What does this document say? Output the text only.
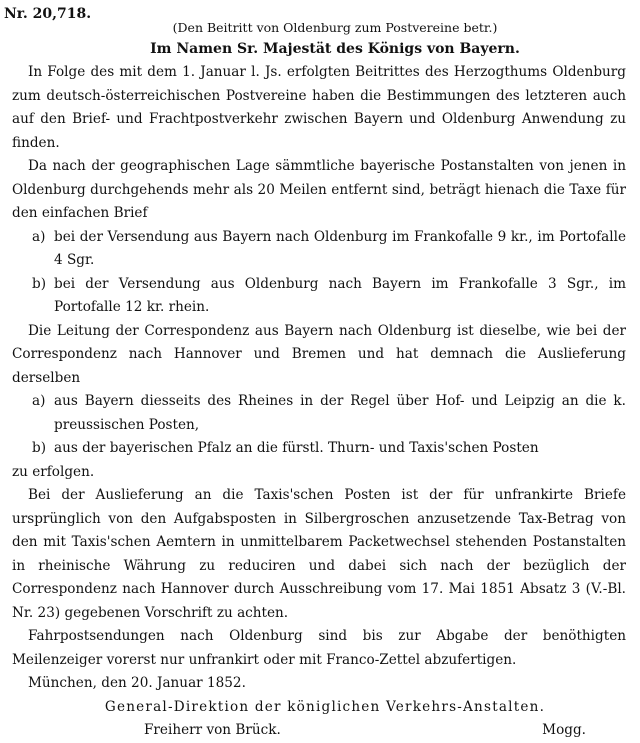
Nr. 20,718.
(Den Beitritt von Oldenburg zum Postvereine betr.)
Im Namen Sr. Majestät des Königs von Bayern.

In Folge des mit dem 1. Januar l. Js. erfolgten Beitrittes des Herzogthums Oldenburg zum deutsch-österreichischen Postvereine haben die Bestimmungen des letzteren auch auf den Brief- und Frachtpostverkehr zwischen Bayern und Oldenburg Anwendung zu finden.

Da nach der geographischen Lage sämmtliche bayerische Postanstalten von jenen in Oldenburg durchgehends mehr als 20 Meilen entfernt sind, beträgt hienach die Taxe für den einfachen Brief

a) bei der Versendung aus Bayern nach Oldenburg im Frankofalle 9 kr., im Portofalle 4 Sgr.
b) bei der Versendung aus Oldenburg nach Bayern im Frankofalle 3 Sgr., im Portofalle 12 kr. rhein.

Die Leitung der Correspondenz aus Bayern nach Oldenburg ist dieselbe, wie bei der Correspondenz nach Hannover und Bremen und hat demnach die Auslieferung derselben

a) aus Bayern diesseits des Rheines in der Regel über Hof- und Leipzig an die k. preussischen Posten,
b) aus der bayerischen Pfalz an die fürstl. Thurn- und Taxis'schen Posten

zu erfolgen.

Bei der Auslieferung an die Taxis'schen Posten ist der für unfrankirte Briefe ursprünglich von den Aufgabsposten in Silbergroschen anzusetzende Tax-Betrag von den mit Taxis'schen Aemtern in unmittelbarem Packetwechsel stehenden Postanstalten in rheinische Währung zu reduciren und dabei sich nach der bezüglich der Correspondenz nach Hannover durch Ausschreibung vom 17. Mai 1851 Absatz 3 (V.-Bl. Nr. 23) gegebenen Vorschrift zu achten.

Fahrpostsendungen nach Oldenburg sind bis zur Abgabe der benöthigten Meilenzeiger vorerst nur unfrankirt oder mit Franco-Zettel abzufertigen.

München, den 20. Januar 1852.

General-Direktion der königlichen Verkehrs-Anstalten.
Freiherr von Brück.	Mogg.
